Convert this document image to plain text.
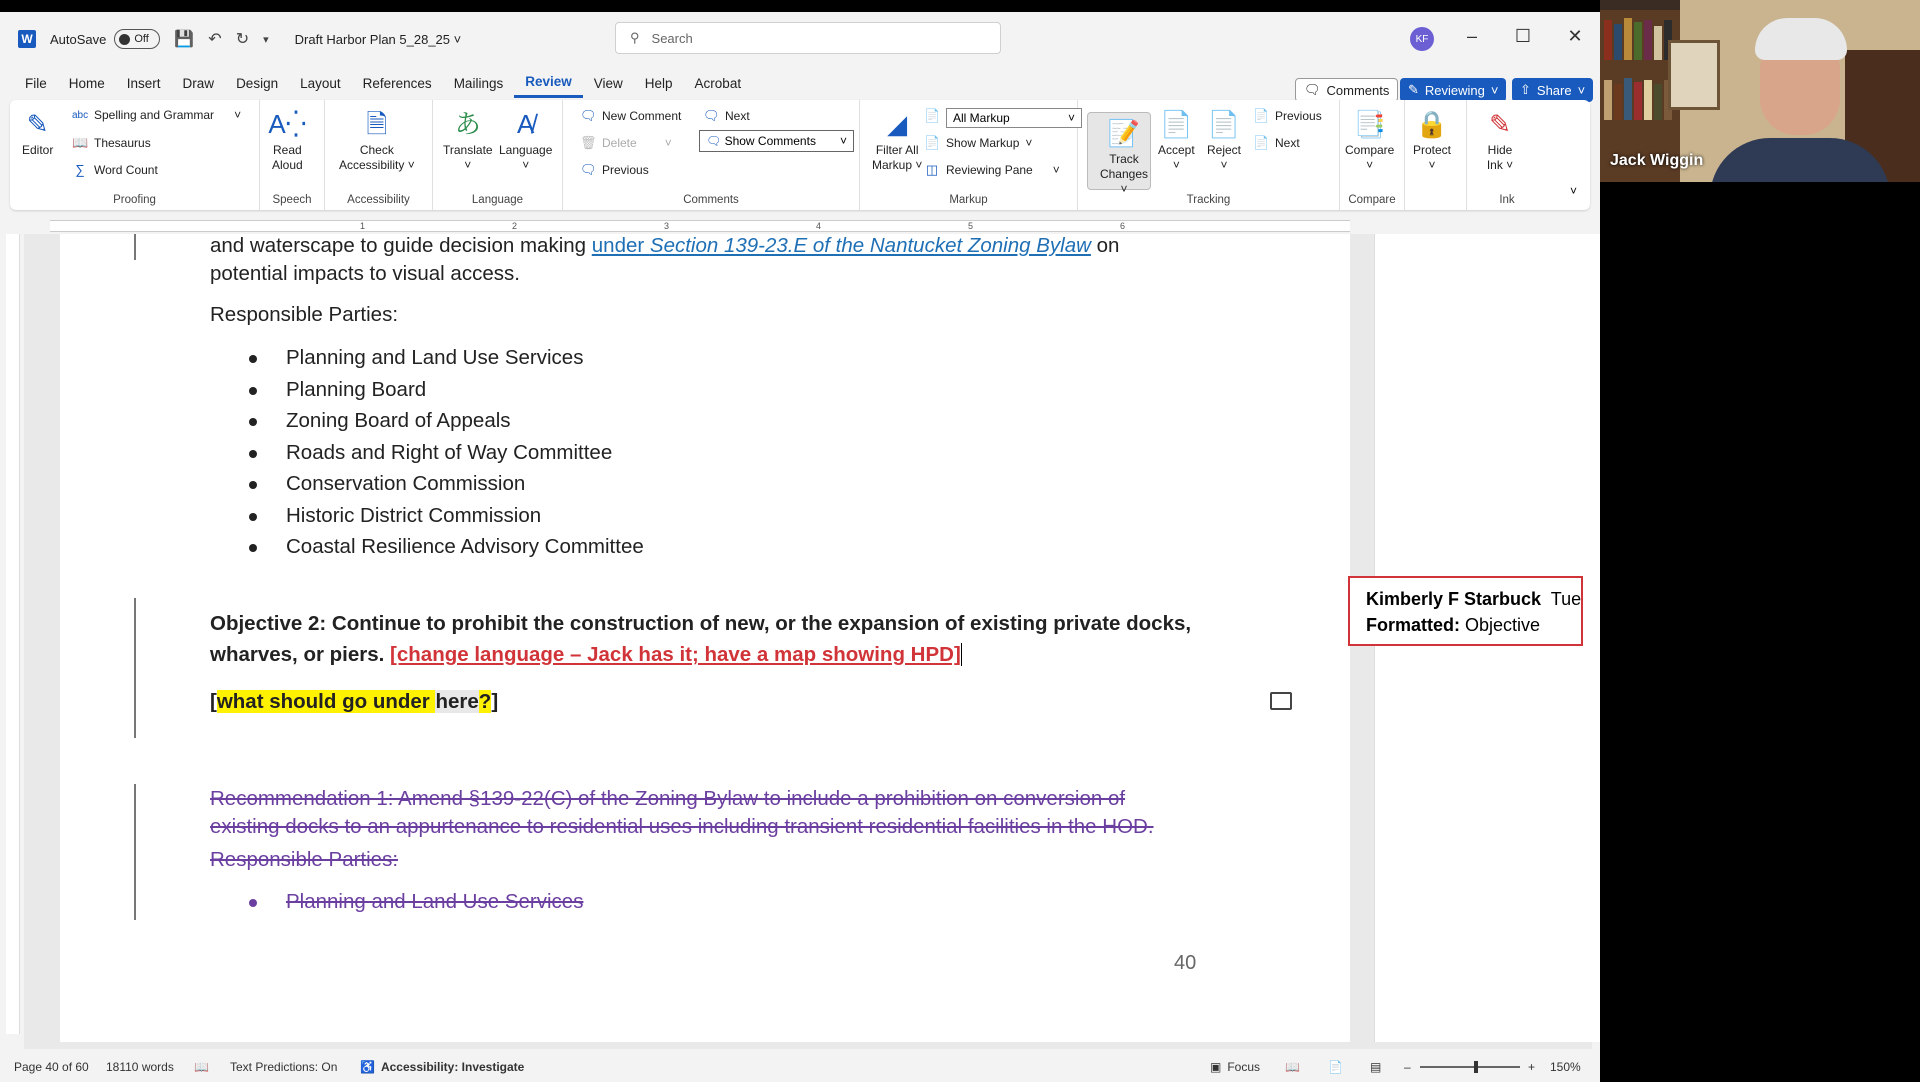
W AutoSave	Off 💾 ↶ ↻ ▾ Draft Harbor Plan 5_28_25 ˅	⚲ Search	KF	–	☐	✕
File	Home	Insert	Draw	Design	Layout	References	Mailings	Review	View	Help	Acrobat	🗨 Comments ✎ Reviewing ˅ ⇧ Share ˅
✎
Editor
abc Spelling and Grammar ˅
📖 Thesaurus
∑ Word Count
Proofing
A⁛
Read
Aloud
Speech
🗎
Check
Accessibility ˅
Accessibility
あ
Translate
˅
A̸
Language
˅
Language
🗨 New Comment
🗑 Delete ˅
🗨 Previous
🗨 Next
🗨 Show Comments ˅
Comments
◢
Filter All
Markup ˅
📄 All Markup	˅
📄 Show Markup ˅
◫ Reviewing Pane ˅
Markup	Tracking
📝
Track
Changes ˅
📄
Accept
˅
📄
Reject
˅
📄 Previous
📄 Next
📑
Compare
˅
Compare
🔒
Protect
˅
✎
Hide
Ink ˅
Ink
˅
1	2	3	4	5	6
and waterscape to guide decision making under Section 139-23.E of the Nantucket Zoning Bylaw on
potential impacts to visual access.
Responsible Parties:
Planning and Land Use Services
Planning Board
Zoning Board of Appeals
Roads and Right of Way Committee
Conservation Commission
Historic District Commission
Coastal Resilience Advisory Committee
Objective 2: Continue to prohibit the construction of new, or the expansion of existing private docks,
wharves, or piers. [change language – Jack has it; have a map showing HPD]
[what should go under here?]
Recommendation 1: Amend §139-22(C) of the Zoning Bylaw to include a prohibition on conversion of
existing docks to an appurtenance to residential uses including transient residential facilities in the HOD.
Responsible Parties:
Planning and Land Use Services
40
Kimberly F Starbuck Tue
Formatted: Objective
Page 40 of 60 18110 words 📖 Text Predictions: On ♿ Accessibility: Investigate	▣ Focus 📖 📄 ▤ –	+ 150%
Jack Wiggin
